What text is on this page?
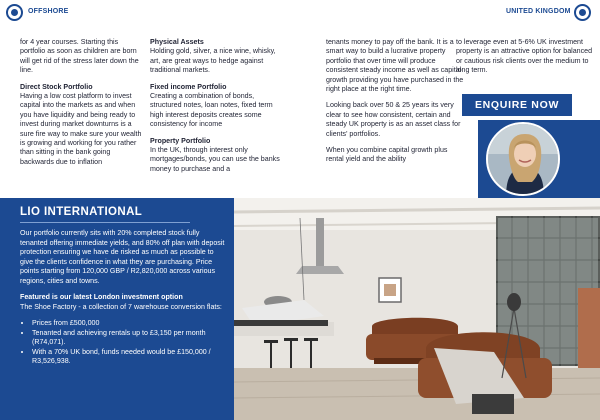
OFFSHORE	UNITED KINGDOM

for 4 year courses. Starting this portfolio as soon as children are born will get rid of the stress later down the line.

Direct Stock Portfolio
Having a low cost platform to invest capital into the markets as and when you have liquidity and being ready to invest during market downturns is a sure fire way to make sure your wealth is growing and working for you rather than sitting in the bank going backwards due to inflation

Physical Assets
Holding gold, silver, a nice wine, whisky, art, are great ways to hedge against traditional markets.

Fixed income Portfolio
Creating a combination of bonds, structured notes, loan notes, fixed term high interest deposits creates some consistency for income

Property Portfolio
In the UK, through interest only mortgages/bonds, you can use the banks money to purchase and a

tenants money to pay off the bank. It is a smart way to build a lucrative property portfolio that over time will produce consistent steady income as well as capital growth providing you have purchased in the right place at the right time.

Looking back over 50 & 25 years its very clear to see how consistent, certain and steady UK property is as an asset class for clients' portfolios.

When you combine capital growth plus rental yield and the ability

to leverage even at 5-6% UK investment property is an attractive option for balanced or cautious risk clients over the medium to long term.

ENQUIRE NOW
LIO INTERNATIONAL

Our portfolio currently sits with 20% completed stock fully tenanted offering immediate yields, and 80% off plan with deposit protection ensuring we have de risked as much as possible to give the clients confidence in what they are purchasing. Price points starting from 120,000 GBP / R2,820,000 across various regions, cities and towns.

Featured is our latest London investment option
The Shoe Factory - a collection of 7 warehouse conversion flats:

• Prices from £500,000
• Tenanted and achieving rentals up to £3,150 per month (R74,071).
• With a 70% UK bond, funds needed would be £150,000 / R3,526,938.
